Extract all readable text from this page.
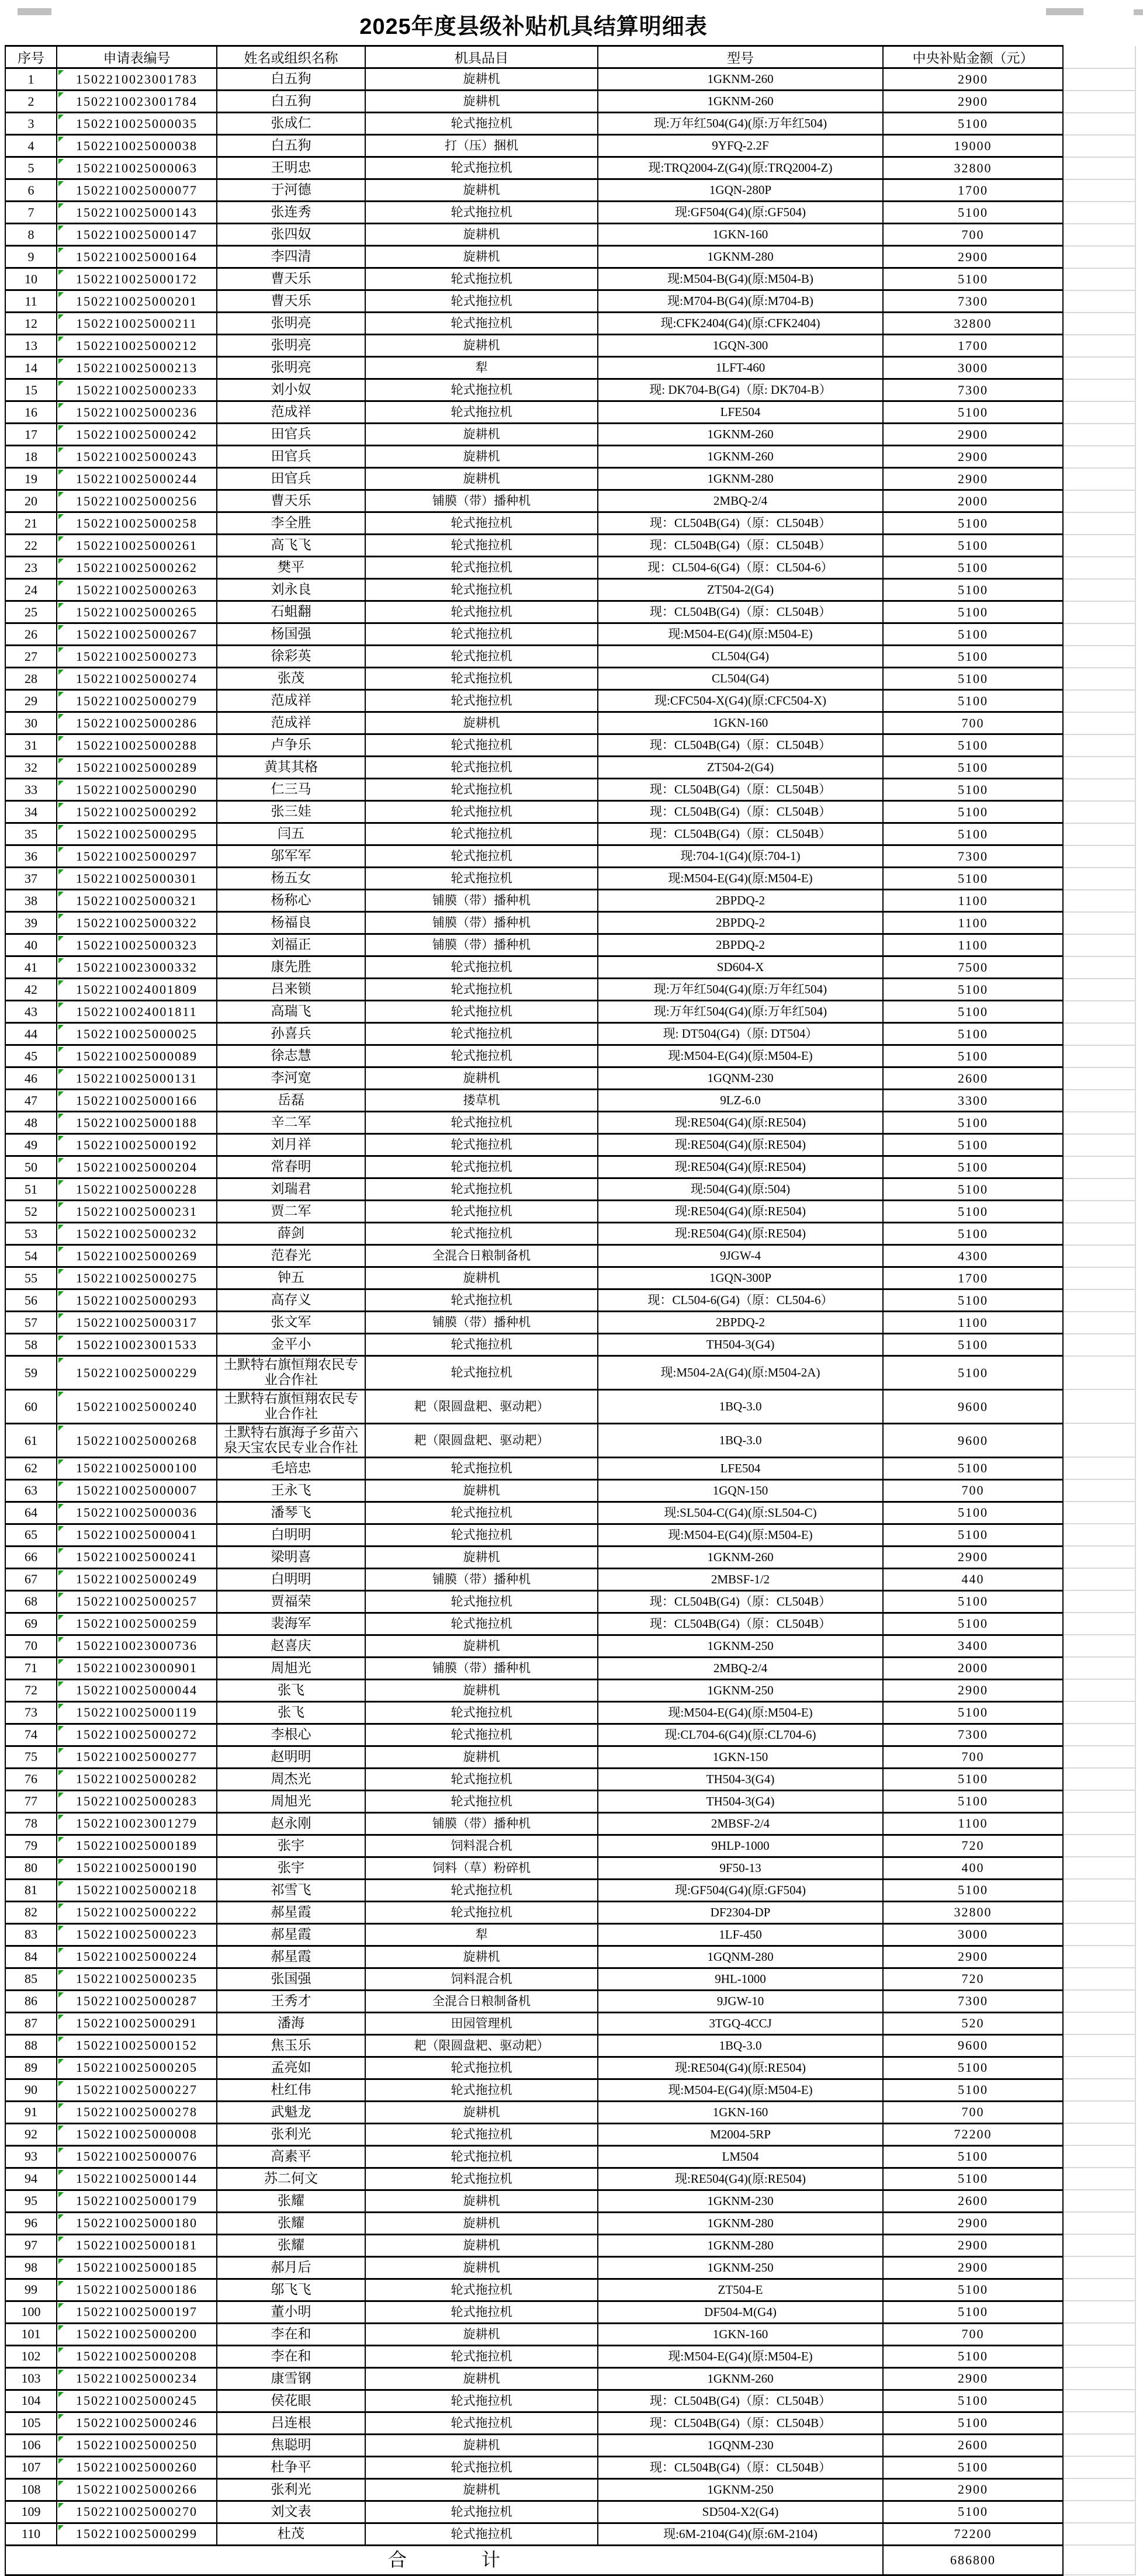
2025年度县级补贴机具结算明细表
序号	申请表编号	姓名或组织名称	机具品目	型号	中央补贴金额（元）	
1	1502210023001783	白五狗	旋耕机	1GKNM-260	2900	
2	1502210023001784	白五狗	旋耕机	1GKNM-260	2900	
3	1502210025000035	张成仁	轮式拖拉机	现:万年红504(G4)(原:万年红504)	5100	
4	1502210025000038	白五狗	打（压）捆机	9YFQ-2.2F	19000	
5	1502210025000063	王明忠	轮式拖拉机	现:TRQ2004-Z(G4)(原:TRQ2004-Z)	32800	
6	1502210025000077	于河德	旋耕机	1GQN-280P	1700	
7	1502210025000143	张连秀	轮式拖拉机	现:GF504(G4)(原:GF504)	5100	
8	1502210025000147	张四奴	旋耕机	1GKN-160	700	
9	1502210025000164	李四清	旋耕机	1GKNM-280	2900	
10	1502210025000172	曹天乐	轮式拖拉机	现:M504-B(G4)(原:M504-B)	5100	
11	1502210025000201	曹天乐	轮式拖拉机	现:M704-B(G4)(原:M704-B)	7300	
12	1502210025000211	张明亮	轮式拖拉机	现:CFK2404(G4)(原:CFK2404)	32800	
13	1502210025000212	张明亮	旋耕机	1GQN-300	1700	
14	1502210025000213	张明亮	犁	1LFT-460	3000	
15	1502210025000233	刘小奴	轮式拖拉机	现: DK704-B(G4)（原: DK704-B）	7300	
16	1502210025000236	范成祥	轮式拖拉机	LFE504	5100	
17	1502210025000242	田官兵	旋耕机	1GKNM-260	2900	
18	1502210025000243	田官兵	旋耕机	1GKNM-260	2900	
19	1502210025000244	田官兵	旋耕机	1GKNM-280	2900	
20	1502210025000256	曹天乐	铺膜（带）播种机	2MBQ-2/4	2000	
21	1502210025000258	李全胜	轮式拖拉机	现：CL504B(G4)（原：CL504B）	5100	
22	1502210025000261	高飞飞	轮式拖拉机	现：CL504B(G4)（原：CL504B）	5100	
23	1502210025000262	樊平	轮式拖拉机	现：CL504-6(G4)（原：CL504-6）	5100	
24	1502210025000263	刘永良	轮式拖拉机	ZT504-2(G4)	5100	
25	1502210025000265	石蛆翻	轮式拖拉机	现：CL504B(G4)（原：CL504B）	5100	
26	1502210025000267	杨国强	轮式拖拉机	现:M504-E(G4)(原:M504-E)	5100	
27	1502210025000273	徐彩英	轮式拖拉机	CL504(G4)	5100	
28	1502210025000274	张茂	轮式拖拉机	CL504(G4)	5100	
29	1502210025000279	范成祥	轮式拖拉机	现:CFC504-X(G4)(原:CFC504-X)	5100	
30	1502210025000286	范成祥	旋耕机	1GKN-160	700	
31	1502210025000288	卢争乐	轮式拖拉机	现：CL504B(G4)（原：CL504B）	5100	
32	1502210025000289	黄其其格	轮式拖拉机	ZT504-2(G4)	5100	
33	1502210025000290	仁三马	轮式拖拉机	现：CL504B(G4)（原：CL504B）	5100	
34	1502210025000292	张三娃	轮式拖拉机	现：CL504B(G4)（原：CL504B）	5100	
35	1502210025000295	闫五	轮式拖拉机	现：CL504B(G4)（原：CL504B）	5100	
36	1502210025000297	邬军军	轮式拖拉机	现:704-1(G4)(原:704-1)	7300	
37	1502210025000301	杨五女	轮式拖拉机	现:M504-E(G4)(原:M504-E)	5100	
38	1502210025000321	杨称心	铺膜（带）播种机	2BPDQ-2	1100	
39	1502210025000322	杨福良	铺膜（带）播种机	2BPDQ-2	1100	
40	1502210025000323	刘福正	铺膜（带）播种机	2BPDQ-2	1100	
41	1502210023000332	康先胜	轮式拖拉机	SD604-X	7500	
42	1502210024001809	吕来锁	轮式拖拉机	现:万年红504(G4)(原:万年红504)	5100	
43	1502210024001811	高瑞飞	轮式拖拉机	现:万年红504(G4)(原:万年红504)	5100	
44	1502210025000025	孙喜兵	轮式拖拉机	现: DT504(G4)（原: DT504）	5100	
45	1502210025000089	徐志慧	轮式拖拉机	现:M504-E(G4)(原:M504-E)	5100	
46	1502210025000131	李河宽	旋耕机	1GQNM-230	2600	
47	1502210025000166	岳磊	搂草机	9LZ-6.0	3300	
48	1502210025000188	辛二军	轮式拖拉机	现:RE504(G4)(原:RE504)	5100	
49	1502210025000192	刘月祥	轮式拖拉机	现:RE504(G4)(原:RE504)	5100	
50	1502210025000204	常春明	轮式拖拉机	现:RE504(G4)(原:RE504)	5100	
51	1502210025000228	刘瑞君	轮式拖拉机	现:504(G4)(原:504)	5100	
52	1502210025000231	贾二军	轮式拖拉机	现:RE504(G4)(原:RE504)	5100	
53	1502210025000232	薛剑	轮式拖拉机	现:RE504(G4)(原:RE504)	5100	
54	1502210025000269	范春光	全混合日粮制备机	9JGW-4	4300	
55	1502210025000275	钟五	旋耕机	1GQN-300P	1700	
56	1502210025000293	高存义	轮式拖拉机	现：CL504-6(G4)（原：CL504-6）	5100	
57	1502210025000317	张文军	铺膜（带）播种机	2BPDQ-2	1100	
58	1502210023001533	金平小	轮式拖拉机	TH504-3(G4)	5100	
59	1502210025000229	土默特右旗恒翔农民专业合作社	轮式拖拉机	现:M504-2A(G4)(原:M504-2A)	5100	
60	1502210025000240	土默特右旗恒翔农民专业合作社	耙（限圆盘耙、驱动耙）	1BQ-3.0	9600	
61	1502210025000268	土默特右旗海子乡苗六泉天宝农民专业合作社	耙（限圆盘耙、驱动耙）	1BQ-3.0	9600	
62	1502210025000100	毛培忠	轮式拖拉机	LFE504	5100	
63	1502210025000007	王永飞	旋耕机	1GQN-150	700	
64	1502210025000036	潘琴飞	轮式拖拉机	现:SL504-C(G4)(原:SL504-C)	5100	
65	1502210025000041	白明明	轮式拖拉机	现:M504-E(G4)(原:M504-E)	5100	
66	1502210025000241	梁明喜	旋耕机	1GKNM-260	2900	
67	1502210025000249	白明明	铺膜（带）播种机	2MBSF-1/2	440	
68	1502210025000257	贾福荣	轮式拖拉机	现：CL504B(G4)（原：CL504B）	5100	
69	1502210025000259	裴海军	轮式拖拉机	现：CL504B(G4)（原：CL504B）	5100	
70	1502210023000736	赵喜庆	旋耕机	1GKNM-250	3400	
71	1502210023000901	周旭光	铺膜（带）播种机	2MBQ-2/4	2000	
72	1502210025000044	张飞	旋耕机	1GKNM-250	2900	
73	1502210025000119	张飞	轮式拖拉机	现:M504-E(G4)(原:M504-E)	5100	
74	1502210025000272	李根心	轮式拖拉机	现:CL704-6(G4)(原:CL704-6)	7300	
75	1502210025000277	赵明明	旋耕机	1GKN-150	700	
76	1502210025000282	周杰光	轮式拖拉机	TH504-3(G4)	5100	
77	1502210025000283	周旭光	轮式拖拉机	TH504-3(G4)	5100	
78	1502210023001279	赵永刚	铺膜（带）播种机	2MBSF-2/4	1100	
79	1502210025000189	张宇	饲料混合机	9HLP-1000	720	
80	1502210025000190	张宇	饲料（草）粉碎机	9F50-13	400	
81	1502210025000218	祁雪飞	轮式拖拉机	现:GF504(G4)(原:GF504)	5100	
82	1502210025000222	郝星霞	轮式拖拉机	DF2304-DP	32800	
83	1502210025000223	郝星霞	犁	1LF-450	3000	
84	1502210025000224	郝星霞	旋耕机	1GQNM-280	2900	
85	1502210025000235	张国强	饲料混合机	9HL-1000	720	
86	1502210025000287	王秀才	全混合日粮制备机	9JGW-10	7300	
87	1502210025000291	潘海	田园管理机	3TGQ-4CCJ	520	
88	1502210025000152	焦玉乐	耙（限圆盘耙、驱动耙）	1BQ-3.0	9600	
89	1502210025000205	孟亮如	轮式拖拉机	现:RE504(G4)(原:RE504)	5100	
90	1502210025000227	杜红伟	轮式拖拉机	现:M504-E(G4)(原:M504-E)	5100	
91	1502210025000278	武魁龙	旋耕机	1GKN-160	700	
92	1502210025000008	张利光	轮式拖拉机	M2004-5RP	72200	
93	1502210025000076	高素平	轮式拖拉机	LM504	5100	
94	1502210025000144	苏二何文	轮式拖拉机	现:RE504(G4)(原:RE504)	5100	
95	1502210025000179	张耀	旋耕机	1GKNM-230	2600	
96	1502210025000180	张耀	旋耕机	1GKNM-280	2900	
97	1502210025000181	张耀	旋耕机	1GKNM-280	2900	
98	1502210025000185	郝月后	旋耕机	1GKNM-250	2900	
99	1502210025000186	邬飞飞	轮式拖拉机	ZT504-E	5100	
100	1502210025000197	董小明	轮式拖拉机	DF504-M(G4)	5100	
101	1502210025000200	李在和	旋耕机	1GKN-160	700	
102	1502210025000208	李在和	轮式拖拉机	现:M504-E(G4)(原:M504-E)	5100	
103	1502210025000234	康雪钢	旋耕机	1GKNM-260	2900	
104	1502210025000245	侯花眼	轮式拖拉机	现：CL504B(G4)（原：CL504B）	5100	
105	1502210025000246	吕连根	轮式拖拉机	现：CL504B(G4)（原：CL504B）	5100	
106	1502210025000250	焦聪明	旋耕机	1GQNM-230	2600	
107	1502210025000260	杜争平	轮式拖拉机	现：CL504B(G4)（原：CL504B）	5100	
108	1502210025000266	张利光	旋耕机	1GKNM-250	2900	
109	1502210025000270	刘文表	轮式拖拉机	SD504-X2(G4)	5100	
110	1502210025000299	杜茂	轮式拖拉机	现:6M-2104(G4)(原:6M-2104)	72200	
合　　　　计					686800	
